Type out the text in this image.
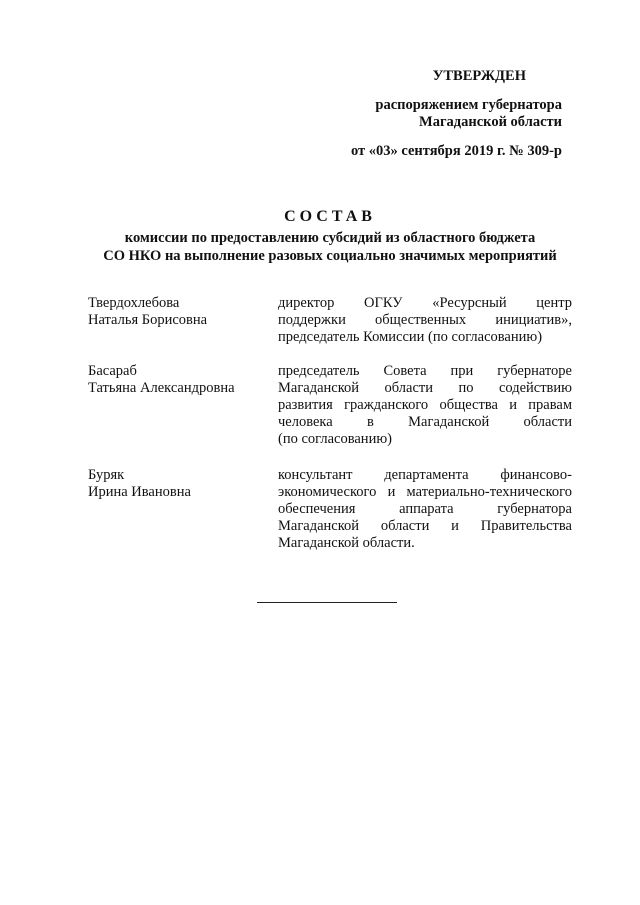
УТВЕРЖДЕН
распоряжением губернатора
Магаданской области
от «03» сентября 2019 г. № 309-р
СОСТАВ
комиссии по предоставлению субсидий из областного бюджета
СО НКО на выполнение разовых социально значимых мероприятий
Твердохлебова
Наталья Борисовна
директор ОГКУ «Ресурсный центр
поддержки общественных инициатив»,
председатель Комиссии (по согласованию)
Басараб
Татьяна Александровна
председатель Совета при губернаторе
Магаданской области по содействию
развития гражданского общества и правам
человека в Магаданской области
(по согласованию)
Буряк
Ирина Ивановна
консультант департамента финансово-
экономического и материально-технического
обеспечения аппарата губернатора
Магаданской области и Правительства
Магаданской области.
